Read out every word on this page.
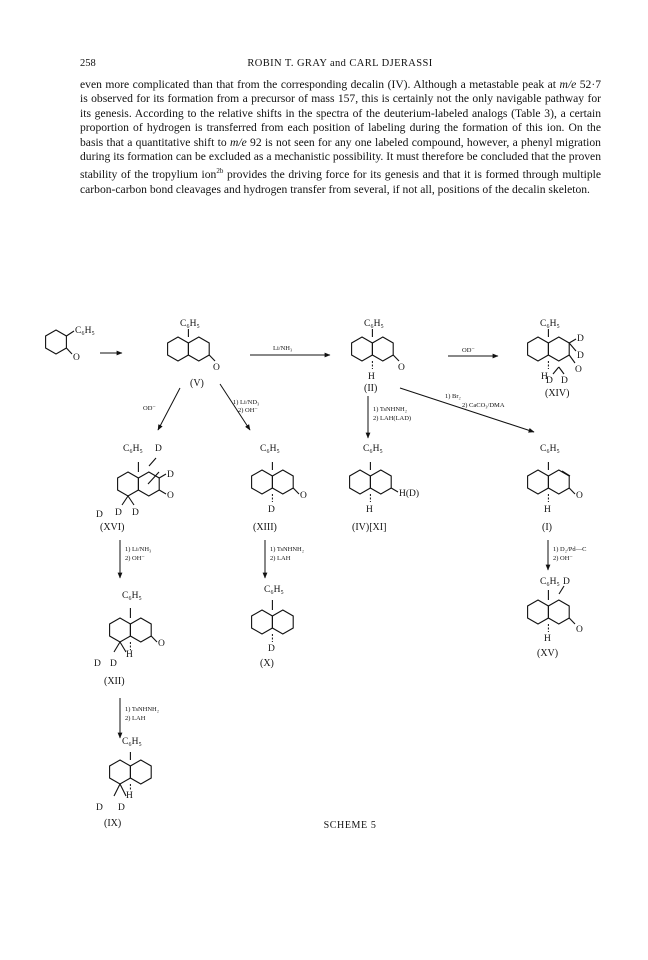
258	ROBIN T. GRAY and CARL DJERASSI

even more complicated than that from the corresponding decalin (IV). Although a metastable peak at m/e 52·7 is observed for its formation from a precursor of mass 157, this is certainly not the only navigable pathway for its genesis. According to the relative shifts in the spectra of the deuterium-labeled analogs (Table 3), a certain proportion of hydrogen is transferred from each position of labeling during the formation of this ion. On the basis that a quantitative shift to m/e 92 is not seen for any one labeled compound, however, a phenyl migration during its formation can be excluded as a mechanistic possibility. It must therefore be concluded that the proven stability of the tropylium ion$^{2b}$ provides the driving force for its genesis and that it is formed through multiple carbon-carbon bond cleavages and hydrogen transfer from several, if not all, positions of the decalin skeleton.

C₆H₅
O
C₆H₅
O
(V)
Li/NH₃
C₆H₅
H
O
(II)
OD⁻
C₆H₅
D
D
O
H
D D
(XIV)
OD⁻
1) Li/ND₃
2) OH⁻	1) TsNHNH₂
2) LAH(LAD)
1) Br₂
2) CaCO₃/DMA
C₆H₅ D
D
O
D D D
(XVI)
C₆H₅
D
O
(XIII)
C₆H₅
H
H(D)
(IV)[XI]
C₆H₅
H
O
(I)
1) Li/NH₃
2) OH⁻
1) TsNHNH₂
2) LAH
1) D₂/Pd—C
2) OH⁻
C₆H₅
H
O
D D
(XII)
C₆H₅
D
(X)
C₆H₅ D
H
O
(XV)
1) TsNHNH₂
2) LAH
C₆H₅
H
D D
(IX)	SCHEME 5
